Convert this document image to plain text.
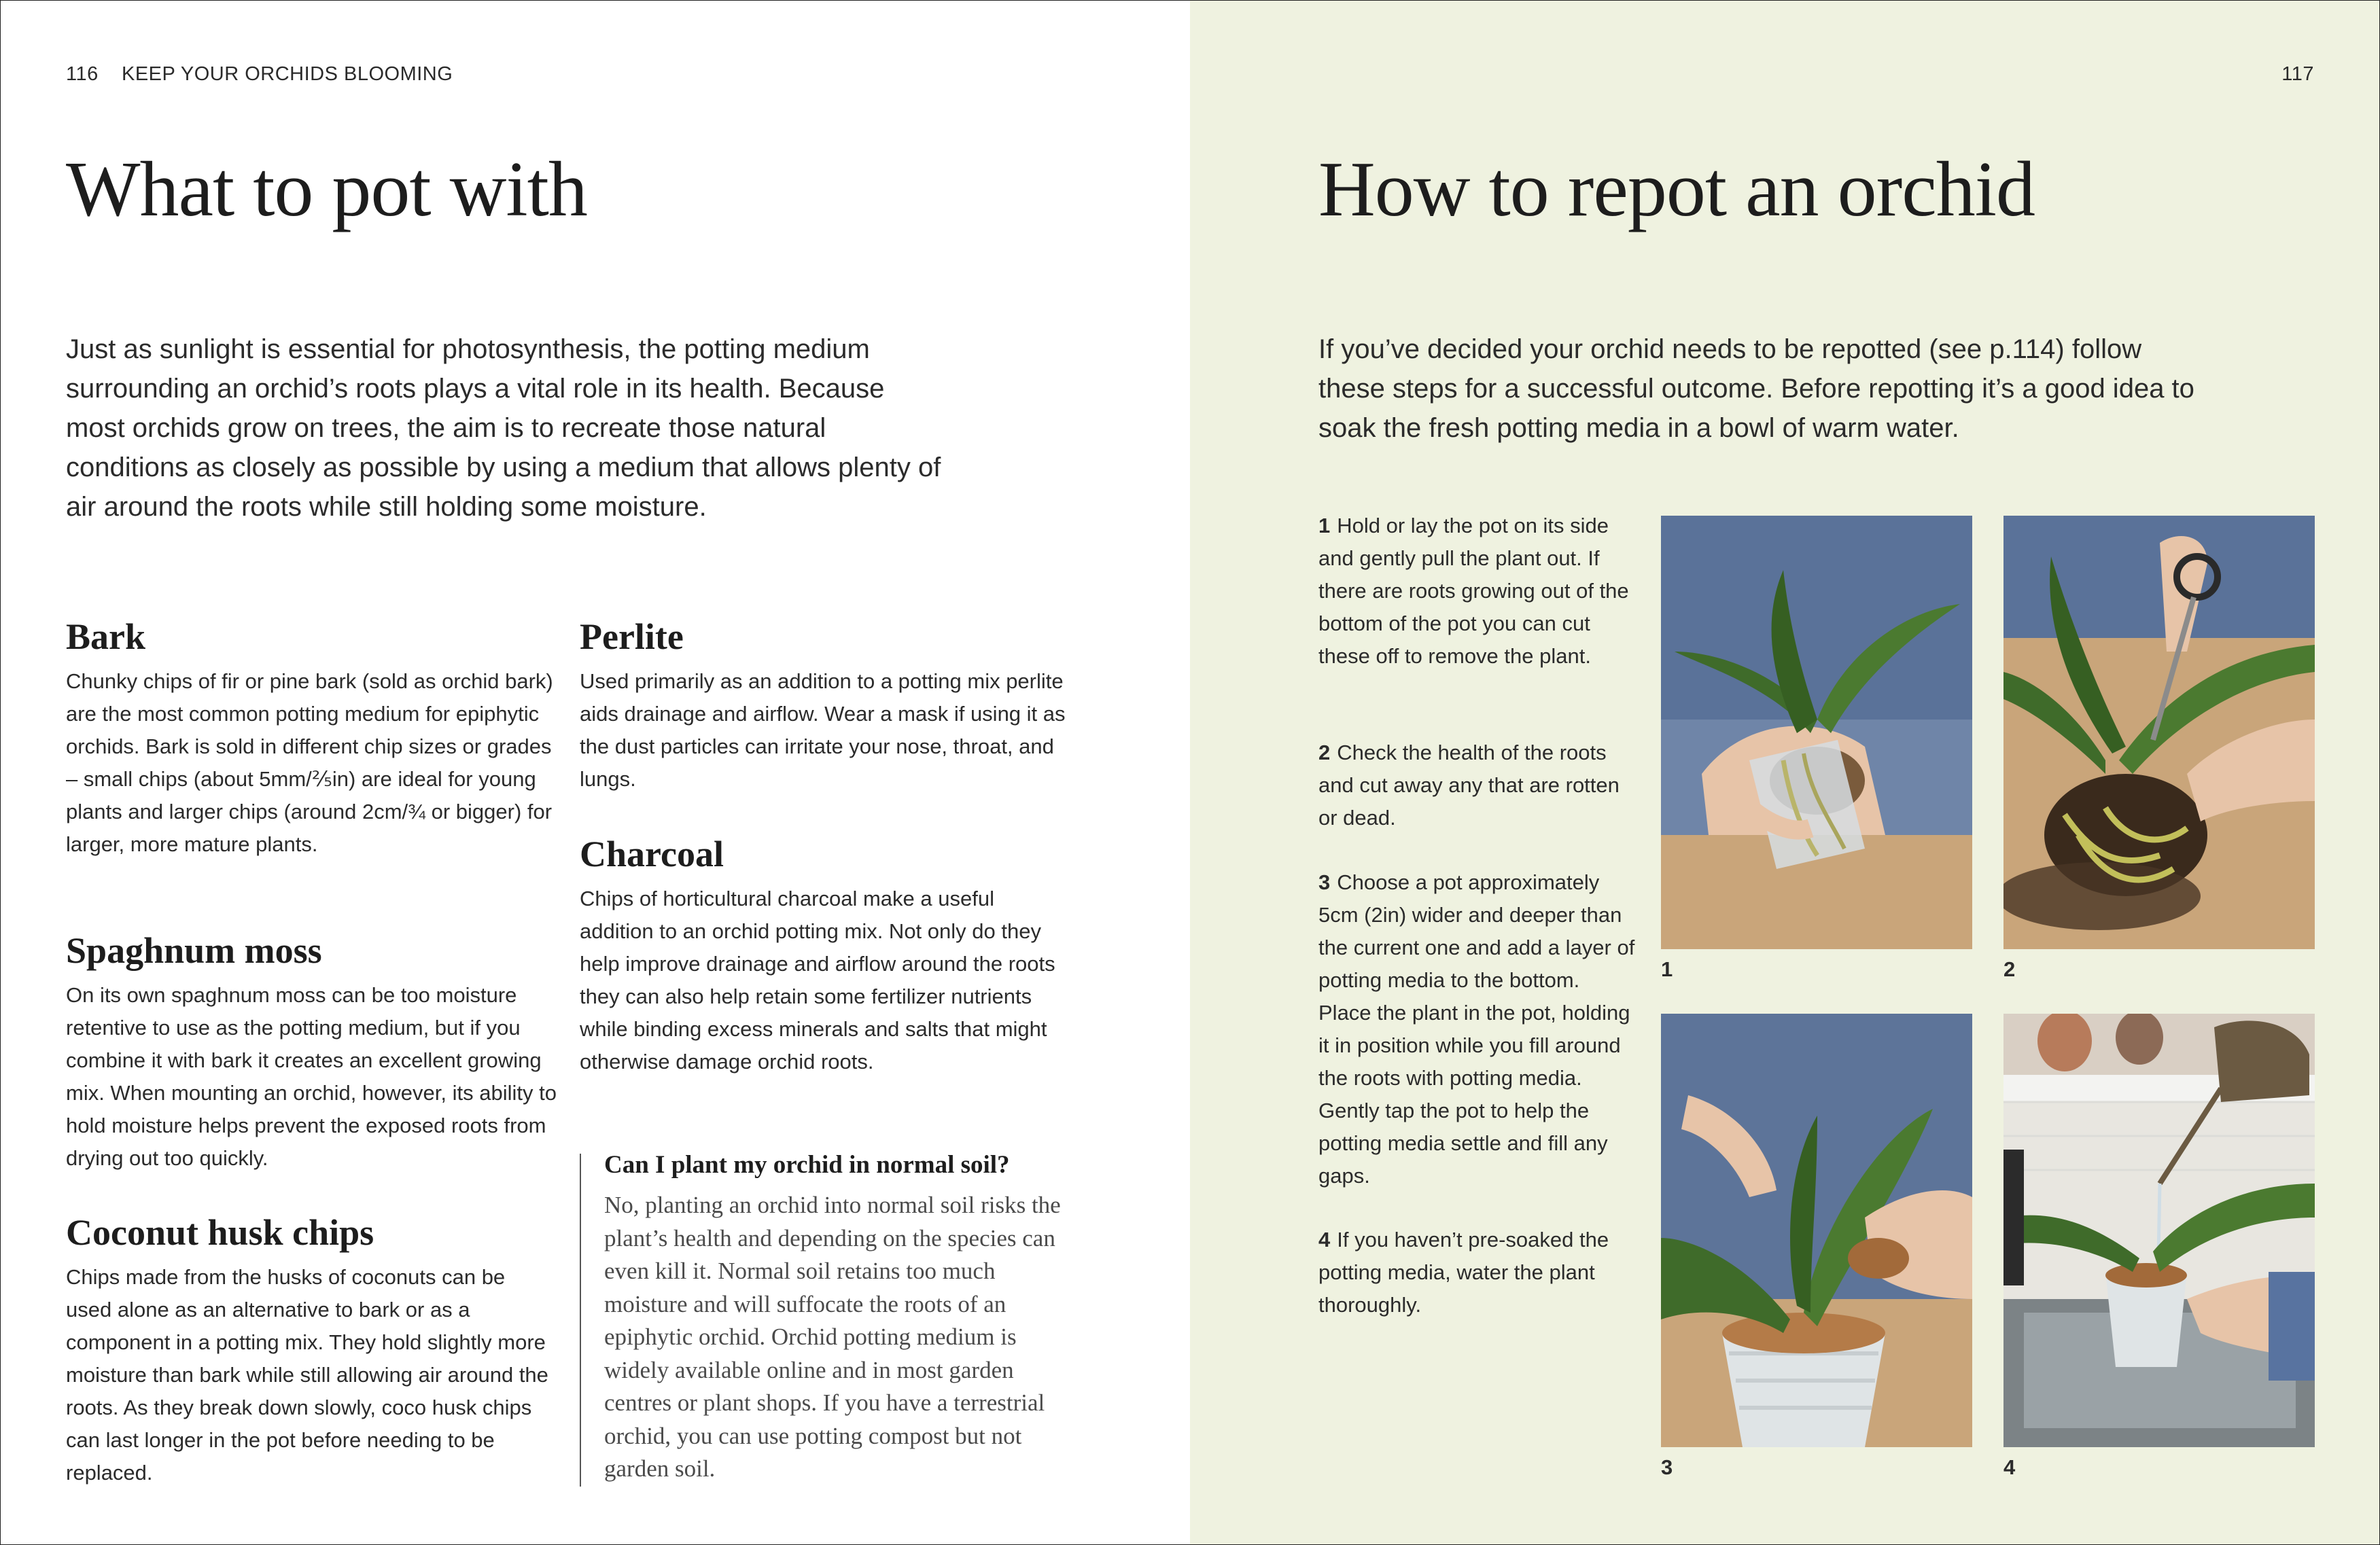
116 KEEP YOUR ORCHIDS BLOOMING
What to pot with

Just as sunlight is essential for photosynthesis, the potting medium surrounding an orchid’s roots plays a vital role in its health. Because most orchids grow on trees, the aim is to recreate those natural conditions as closely as possible by using a medium that allows plenty of air around the roots while still holding some moisture.

Bark

Chunky chips of fir or pine bark (sold as orchid bark) are the most common potting medium for epiphytic orchids. Bark is sold in different chip sizes or grades – small chips (about 5mm/⅖in) are ideal for young plants and larger chips (around 2cm/¾ or bigger) for larger, more mature plants.

Spaghnum moss

On its own spaghnum moss can be too moisture retentive to use as the potting medium, but if you combine it with bark it creates an excellent growing mix. When mounting an orchid, however, its ability to hold moisture helps prevent the exposed roots from drying out too quickly.

Coconut husk chips

Chips made from the husks of coconuts can be used alone as an alternative to bark or as a component in a potting mix. They hold slightly more moisture than bark while still allowing air around the roots. As they break down slowly, coco husk chips can last longer in the pot before needing to be replaced.

Perlite

Used primarily as an addition to a potting mix perlite aids drainage and airflow. Wear a mask if using it as the dust particles can irritate your nose, throat, and lungs.

Charcoal

Chips of horticultural charcoal make a useful addition to an orchid potting mix. Not only do they help improve drainage and airflow around the roots they can also help retain some fertilizer nutrients while binding excess minerals and salts that might otherwise damage orchid roots.

Can I plant my orchid in normal soil?

No, planting an orchid into normal soil risks the plant’s health and depending on the species can even kill it. Normal soil retains too much moisture and will suffocate the roots of an epiphytic orchid. Orchid potting medium is widely available online and in most garden centres or plant shops. If you have a terrestrial orchid, you can use potting compost but not garden soil.

117
How to repot an orchid

If you’ve decided your orchid needs to be repotted (see p.114) follow these steps for a successful outcome. Before repotting it’s a good idea to soak the fresh potting media in a bowl of warm water.

1 Hold or lay the pot on its side and gently pull the plant out. If there are roots growing out of the bottom of the pot you can cut these off to remove the plant.

2 Check the health of the roots and cut away any that are rotten or dead.

3 Choose a pot approximately 5cm (2in) wider and deeper than the current one and add a layer of potting media to the bottom. Place the plant in the pot, holding it in position while you fill around the roots with potting media. Gently tap the pot to help the potting media settle and fill any gaps.

4 If you haven’t pre-soaked the potting media, water the plant thoroughly.

1	2
3	4
